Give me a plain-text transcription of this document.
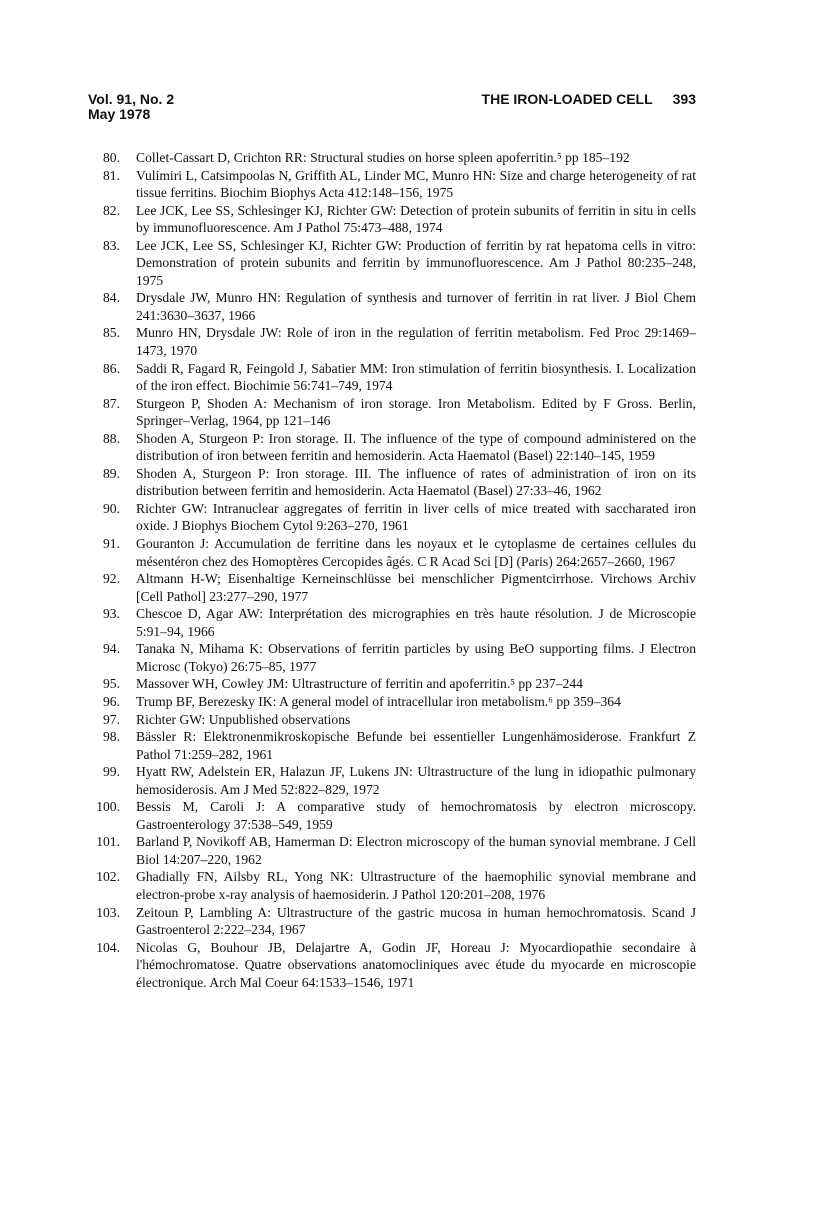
Vol. 91, No. 2
May 1978
THE IRON-LOADED CELL 393
80. Collet-Cassart D, Crichton RR: Structural studies on horse spleen apoferritin.⁵ pp 185–192
81. Vulimiri L, Catsimpoolas N, Griffith AL, Linder MC, Munro HN: Size and charge heterogeneity of rat tissue ferritins. Biochim Biophys Acta 412:148–156, 1975
82. Lee JCK, Lee SS, Schlesinger KJ, Richter GW: Detection of protein subunits of ferritin in situ in cells by immunofluorescence. Am J Pathol 75:473–488, 1974
83. Lee JCK, Lee SS, Schlesinger KJ, Richter GW: Production of ferritin by rat hepatoma cells in vitro: Demonstration of protein subunits and ferritin by immunofluorescence. Am J Pathol 80:235–248, 1975
84. Drysdale JW, Munro HN: Regulation of synthesis and turnover of ferritin in rat liver. J Biol Chem 241:3630–3637, 1966
85. Munro HN, Drysdale JW: Role of iron in the regulation of ferritin metabolism. Fed Proc 29:1469–1473, 1970
86. Saddi R, Fagard R, Feingold J, Sabatier MM: Iron stimulation of ferritin biosynthesis. I. Localization of the iron effect. Biochimie 56:741–749, 1974
87. Sturgeon P, Shoden A: Mechanism of iron storage. Iron Metabolism. Edited by F Gross. Berlin, Springer–Verlag, 1964, pp 121–146
88. Shoden A, Sturgeon P: Iron storage. II. The influence of the type of compound administered on the distribution of iron between ferritin and hemosiderin. Acta Haematol (Basel) 22:140–145, 1959
89. Shoden A, Sturgeon P: Iron storage. III. The influence of rates of administration of iron on its distribution between ferritin and hemosiderin. Acta Haematol (Basel) 27:33–46, 1962
90. Richter GW: Intranuclear aggregates of ferritin in liver cells of mice treated with saccharated iron oxide. J Biophys Biochem Cytol 9:263–270, 1961
91. Gouranton J: Accumulation de ferritine dans les noyaux et le cytoplasme de certaines cellules du mésentéron chez des Homoptères Cercopides âgés. C R Acad Sci [D] (Paris) 264:2657–2660, 1967
92. Altmann H-W; Eisenhaltige Kerneinschlüsse bei menschlicher Pigmentcirrhose. Virchows Archiv [Cell Pathol] 23:277–290, 1977
93. Chescoe D, Agar AW: Interprétation des micrographies en très haute résolution. J de Microscopie 5:91–94, 1966
94. Tanaka N, Mihama K: Observations of ferritin particles by using BeO supporting films. J Electron Microsc (Tokyo) 26:75–85, 1977
95. Massover WH, Cowley JM: Ultrastructure of ferritin and apoferritin.⁵ pp 237–244
96. Trump BF, Berezesky IK: A general model of intracellular iron metabolism.⁶ pp 359–364
97. Richter GW: Unpublished observations
98. Bässler R: Elektronenmikroskopische Befunde bei essentieller Lungenhämosiderose. Frankfurt Z Pathol 71:259–282, 1961
99. Hyatt RW, Adelstein ER, Halazun JF, Lukens JN: Ultrastructure of the lung in idiopathic pulmonary hemosiderosis. Am J Med 52:822–829, 1972
100. Bessis M, Caroli J: A comparative study of hemochromatosis by electron microscopy. Gastroenterology 37:538–549, 1959
101. Barland P, Novikoff AB, Hamerman D: Electron microscopy of the human synovial membrane. J Cell Biol 14:207–220, 1962
102. Ghadially FN, Ailsby RL, Yong NK: Ultrastructure of the haemophilic synovial membrane and electron-probe x-ray analysis of haemosiderin. J Pathol 120:201–208, 1976
103. Zeitoun P, Lambling A: Ultrastructure of the gastric mucosa in human hemochromatosis. Scand J Gastroenterol 2:222–234, 1967
104. Nicolas G, Bouhour JB, Delajartre A, Godin JF, Horeau J: Myocardiopathie secondaire à l'hémochromatose. Quatre observations anatomocliniques avec étude du myocarde en microscopie électronique. Arch Mal Coeur 64:1533–1546, 1971
